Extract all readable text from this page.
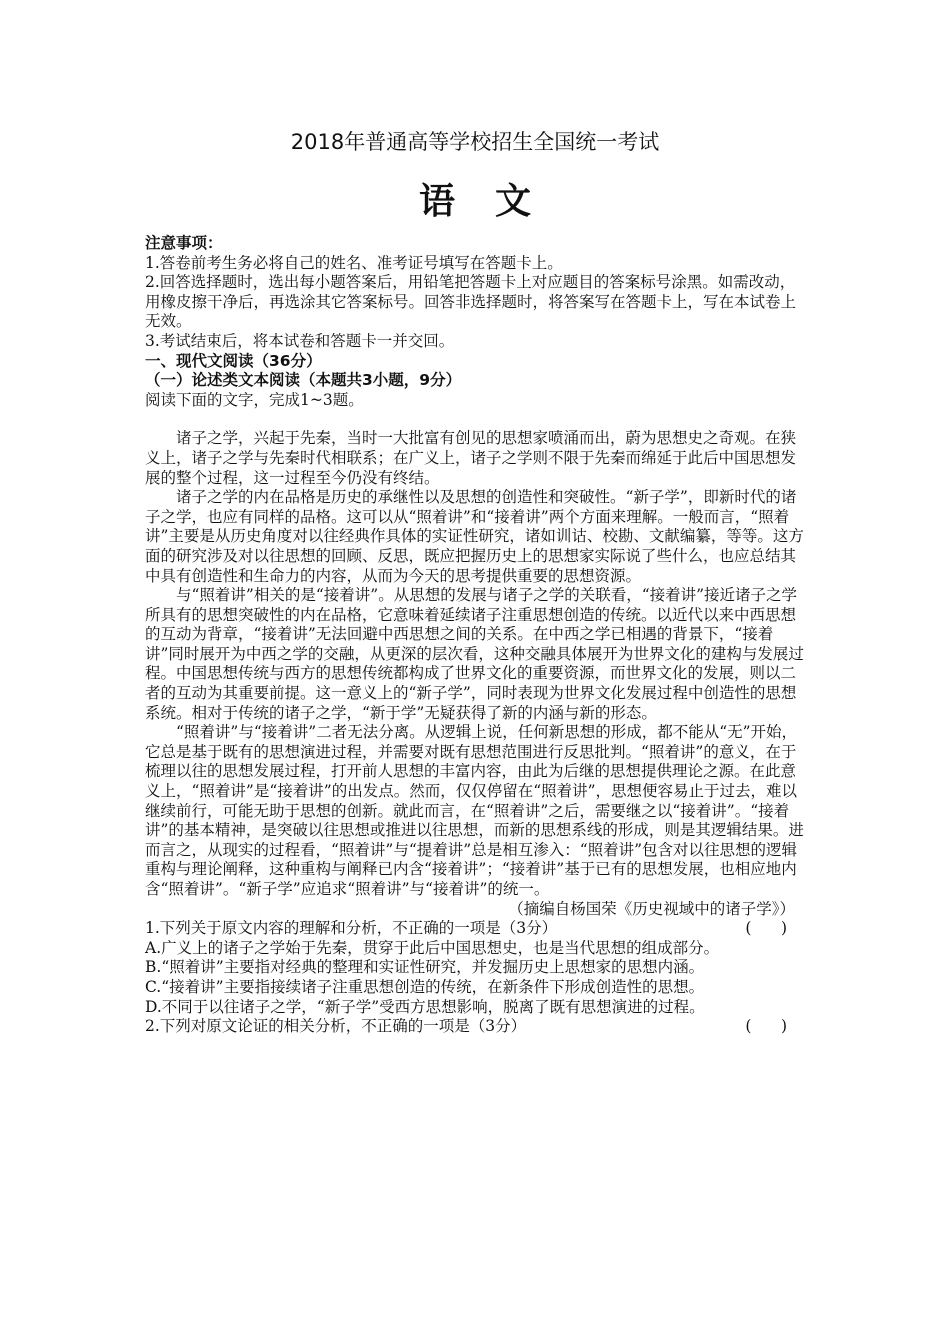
2018年普通高等学校招生全国统一考试
语文

注意事项：

1.答卷前考生务必将自己的姓名、准考证号填写在答题卡上。

2.回答选择题时，选出每小题答案后，用铅笔把答题卡上对应题目的答案标号涂黑。如需改动，用橡皮擦干净后，再选涂其它答案标号。回答非选择题时，将答案写在答题卡上，写在本试卷上无效。

3.考试结束后，将本试卷和答题卡一并交回。

一、现代文阅读（36分）

（一）论述类文本阅读（本题共3小题，9分）

阅读下面的文字，完成1~3题。

诸子之学，兴起于先秦，当时一大批富有创见的思想家喷涌而出，蔚为思想史之奇观。在狭义上，诸子之学与先秦时代相联系；在广义上，诸子之学则不限于先秦而绵延于此后中国思想发展的整个过程，这一过程至今仍没有终结。

诸子之学的内在品格是历史的承继性以及思想的创造性和突破性。“新子学”，即新时代的诸子之学，也应有同样的品格。这可以从“照着讲”和“接着讲”两个方面来理解。一般而言，“照着讲”主要是从历史角度对以往经典作具体的实证性研究，诸如训诂、校勘、文献编纂，等等。这方面的研究涉及对以往思想的回顾、反思，既应把握历史上的思想家实际说了些什么，也应总结其中具有创造性和生命力的内容，从而为今天的思考提供重要的思想资源。

与“照着讲”相关的是“接着讲”。从思想的发展与诸子之学的关联看，“接着讲”接近诸子之学所具有的思想突破性的内在品格，它意味着延续诸子注重思想创造的传统。以近代以来中西思想的互动为背章，“接着讲”无法回避中西思想之间的关系。在中西之学已相遇的背景下，“接着讲”同时展开为中西之学的交融，从更深的层次看，这种交融具体展开为世界文化的建构与发展过程。中国思想传统与西方的思想传统都构成了世界文化的重要资源，而世界文化的发展，则以二者的互动为其重要前提。这一意义上的“新子学”，同时表现为世界文化发展过程中创造性的思想系统。相对于传统的诸子之学，“新于学”无疑获得了新的内涵与新的形态。

“照着讲”与“接着讲”二者无法分离。从逻辑上说，任何新思想的形成，都不能从“无”开始，它总是基于既有的思想演进过程，并需要对既有思想范围进行反思批判。“照着讲”的意义，在于梳理以往的思想发展过程，打开前人思想的丰富内容，由此为后继的思想提供理论之源。在此意义上，“照着讲”是“接着讲”的出发点。然而，仅仅停留在“照着讲”，思想便容易止于过去，难以继续前行，可能无助于思想的创新。就此而言，在“照着讲”之后，需要继之以“接着讲”。“接着讲”的基本精神，是突破以往思想或推进以往思想，而新的思想系线的形成，则是其逻辑结果。进而言之，从现实的过程看，“照着讲”与“提着讲”总是相互渗入：“照着讲”包含对以往思想的逻辑重构与理论阐释，这种重构与阐释已内含“接着讲”；“接着讲”基于已有的思想发展，也相应地内含“照着讲”。“新子学”应追求“照着讲”与“接着讲”的统一。

（摘编自杨国荣《历史视域中的诸子学》）

1.下列关于原文内容的理解和分析，不正确的一项是（3分）	(      )

A.广义上的诸子之学始于先秦，贯穿于此后中国思想史，也是当代思想的组成部分。

B.“照着讲”主要指对经典的整理和实证性研究，并发掘历史上思想家的思想内涵。

C.“接着讲”主要指接续诸子注重思想创造的传统，在新条件下形成创造性的思想。

D.不同于以往诸子之学，“新子学”受西方思想影响，脱离了既有思想演进的过程。

2.下列对原文论证的相关分析，不正确的一项是（3分）	(      )
